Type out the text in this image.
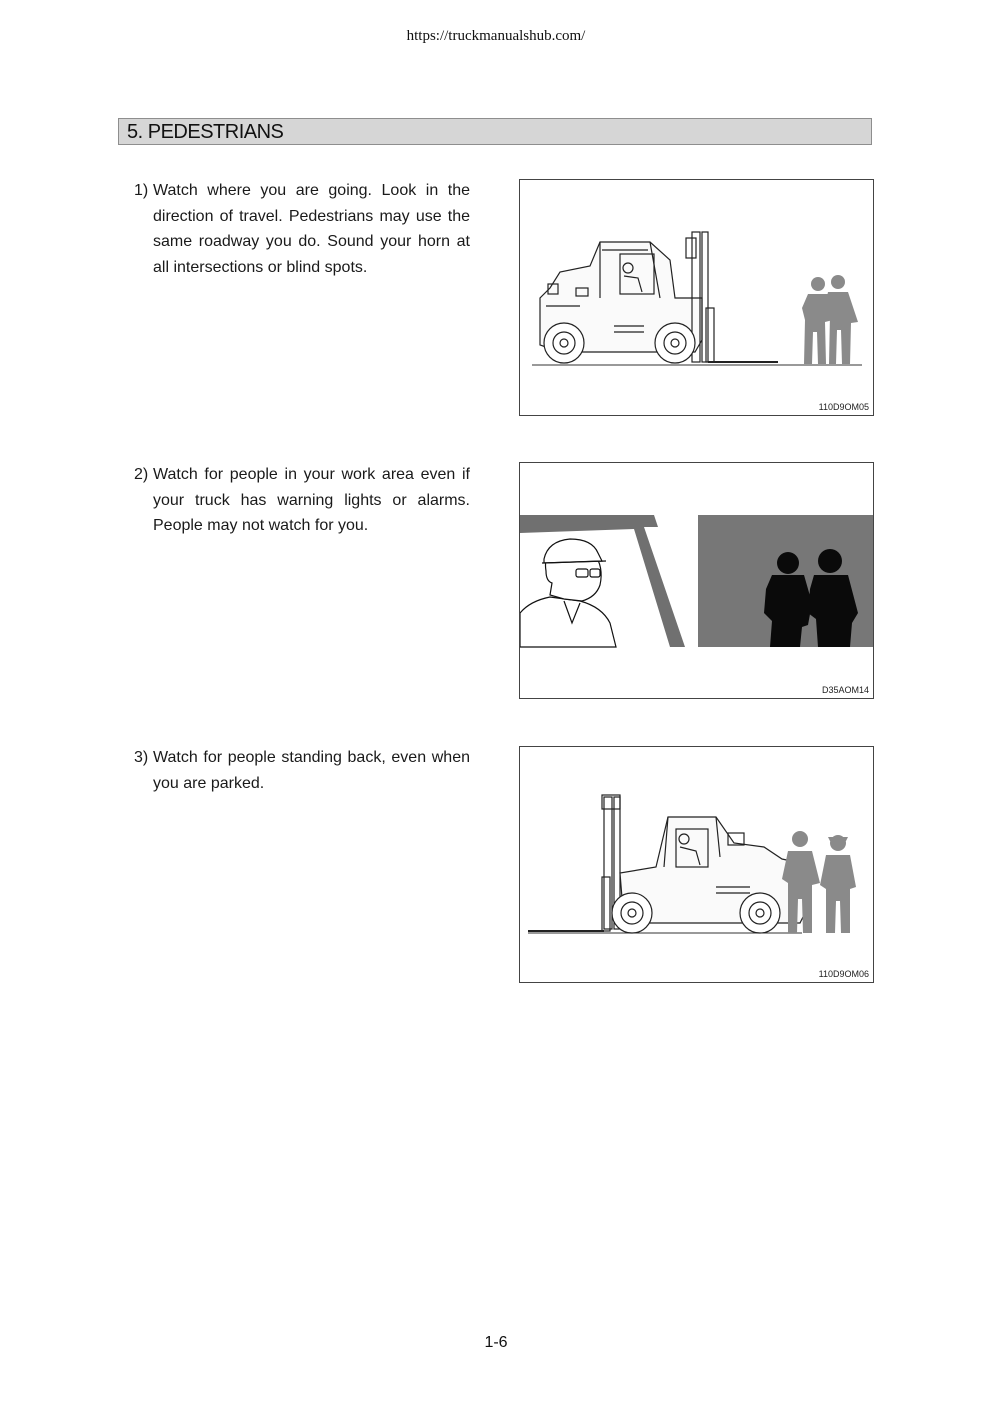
https://truckmanualshub.com/
5. PEDESTRIANS
1) Watch where you are going. Look in the direction of travel. Pedestrians may use the same roadway you do. Sound your horn at all intersections or blind spots.
110D9OM05
2) Watch for people in your work area even if your truck has warning lights or alarms. People may not watch for you.
D35AOM14
3) Watch for people standing back, even when you are parked.
110D9OM06
1-6
